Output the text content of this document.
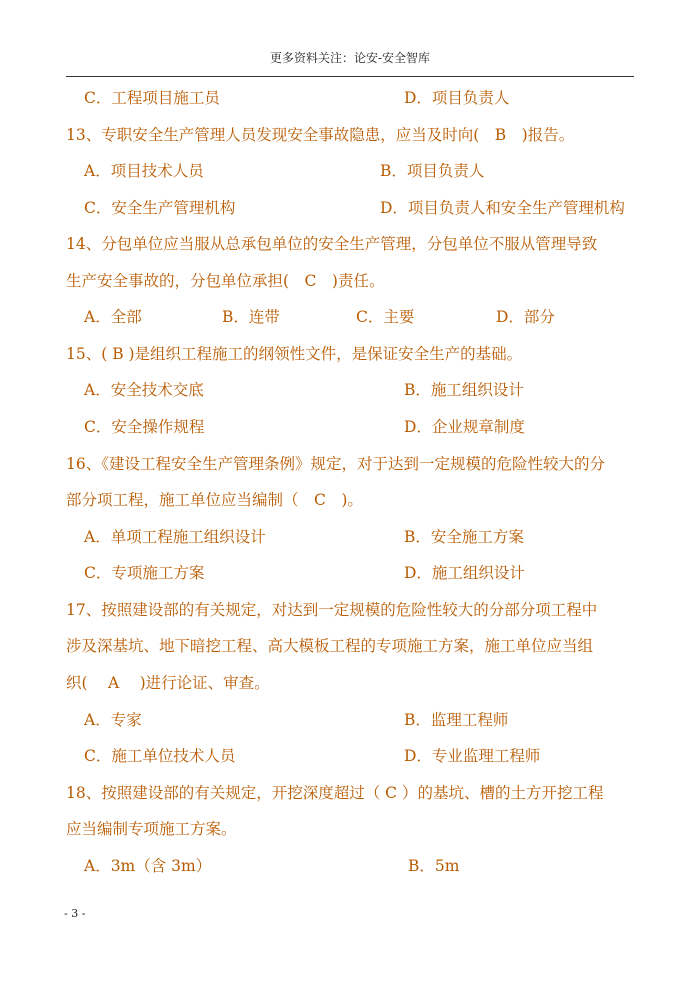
更多资料关注：论安-安全智库
C．工程项目施工员	D．项目负责人
13、专职安全生产管理人员发现安全事故隐患，应当及时向(　B　)报告。
A．项目技术人员	B．项目负责人
C．安全生产管理机构	D．项目负责人和安全生产管理机构
14、分包单位应当服从总承包单位的安全生产管理，分包单位不服从管理导致
生产安全事故的，分包单位承担(　C　)责任。
A．全部	B．连带	C．主要	D．部分
15、( B )是组织工程施工的纲领性文件，是保证安全生产的基础。
A．安全技术交底	B．施工组织设计
C．安全操作规程	D．企业规章制度
16、《建设工程安全生产管理条例》规定，对于达到一定规模的危险性较大的分
部分项工程，施工单位应当编制（　C　)。
A．单项工程施工组织设计	B．安全施工方案
C．专项施工方案	D．施工组织设计
17、按照建设部的有关规定，对达到一定规模的危险性较大的分部分项工程中
涉及深基坑、地下暗挖工程、高大模板工程的专项施工方案，施工单位应当组
织(　 A 　)进行论证、审查。
A．专家	B．监理工程师
C．施工单位技术人员	D．专业监理工程师
18、按照建设部的有关规定，开挖深度超过（ C ）的基坑、槽的土方开挖工程
应当编制专项施工方案。
A．3m（含 3m）	B．5m
- 3 -
